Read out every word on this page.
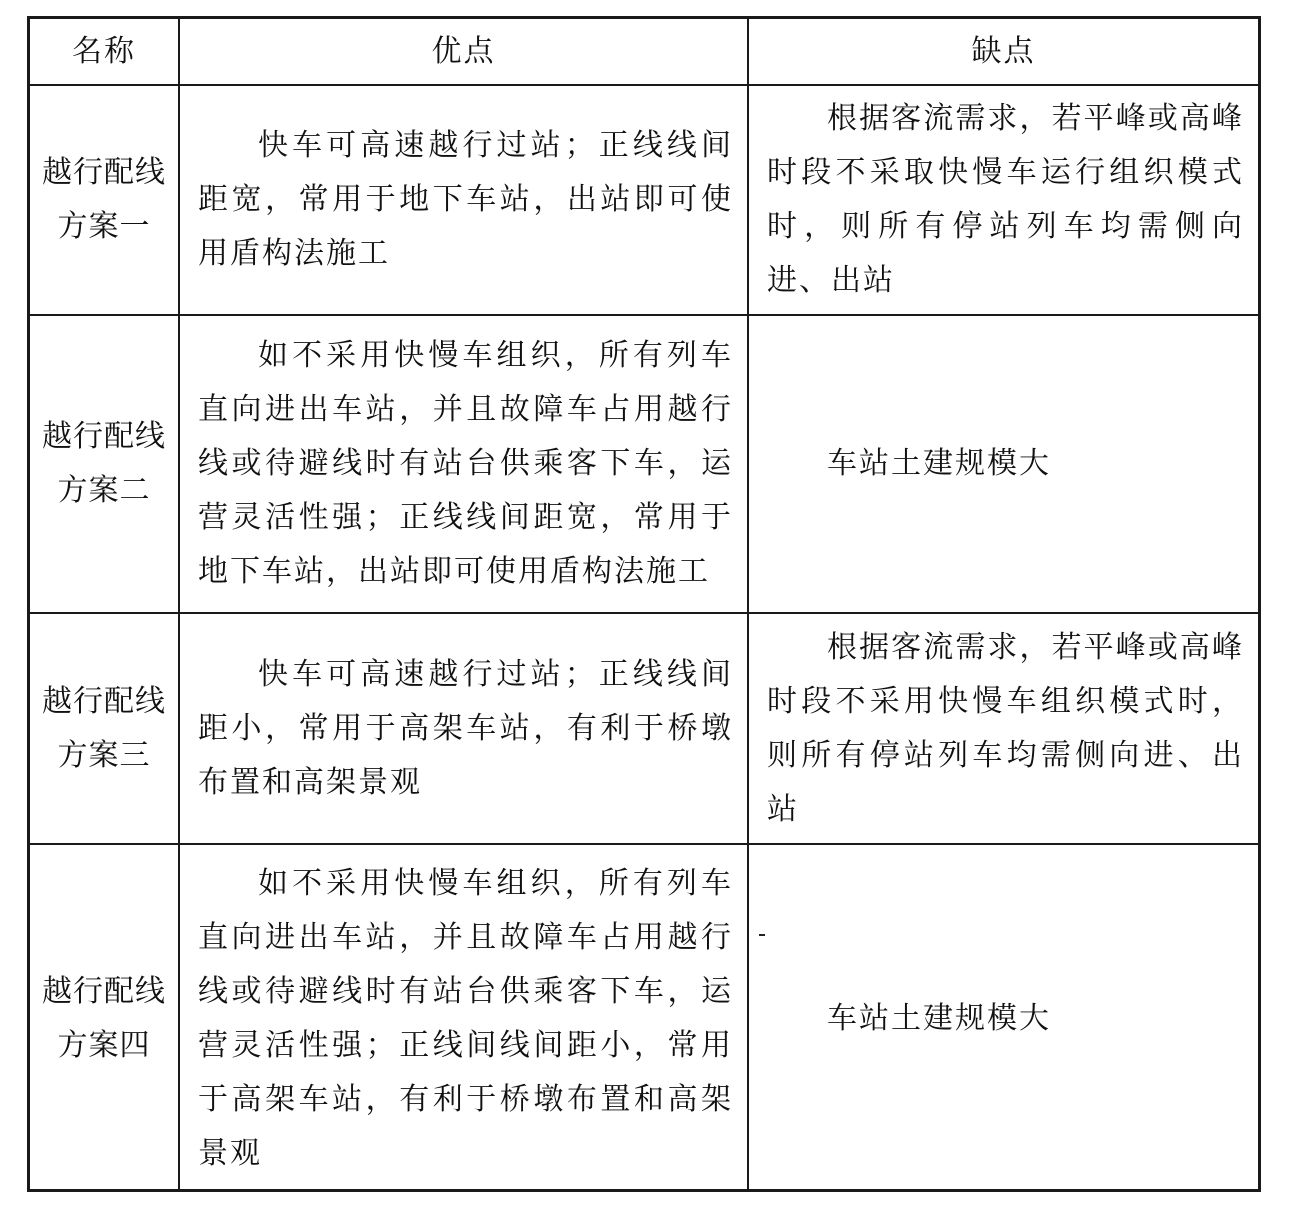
名称	优点	缺点
越行配线方案一	快车可高速越行过站；正线线间距宽，常用于地下车站，出站即可使用盾构法施工	根据客流需求，若平峰或高峰时段不采取快慢车运行组织模式时，则所有停站列车均需侧向进、出站

越行配线方案二	如不采用快慢车组织，所有列车直向进出车站，并且故障车占用越行线或待避线时有站台供乘客下车，运营灵活性强；正线线间距宽，常用于地下车站，出站即可使用盾构法施工	车站土建规模大

越行配线方案三	快车可高速越行过站；正线线间距小，常用于高架车站，有利于桥墩布置和高架景观	根据客流需求，若平峰或高峰时段不采用快慢车组织模式时，则所有停站列车均需侧向进、出站

越行配线方案四	如不采用快慢车组织，所有列车直向进出车站，并且故障车占用越行线或待避线时有站台供乘客下车，运营灵活性强；正线间线间距小，常用于高架车站，有利于桥墩布置和高架景观	车站土建规模大
